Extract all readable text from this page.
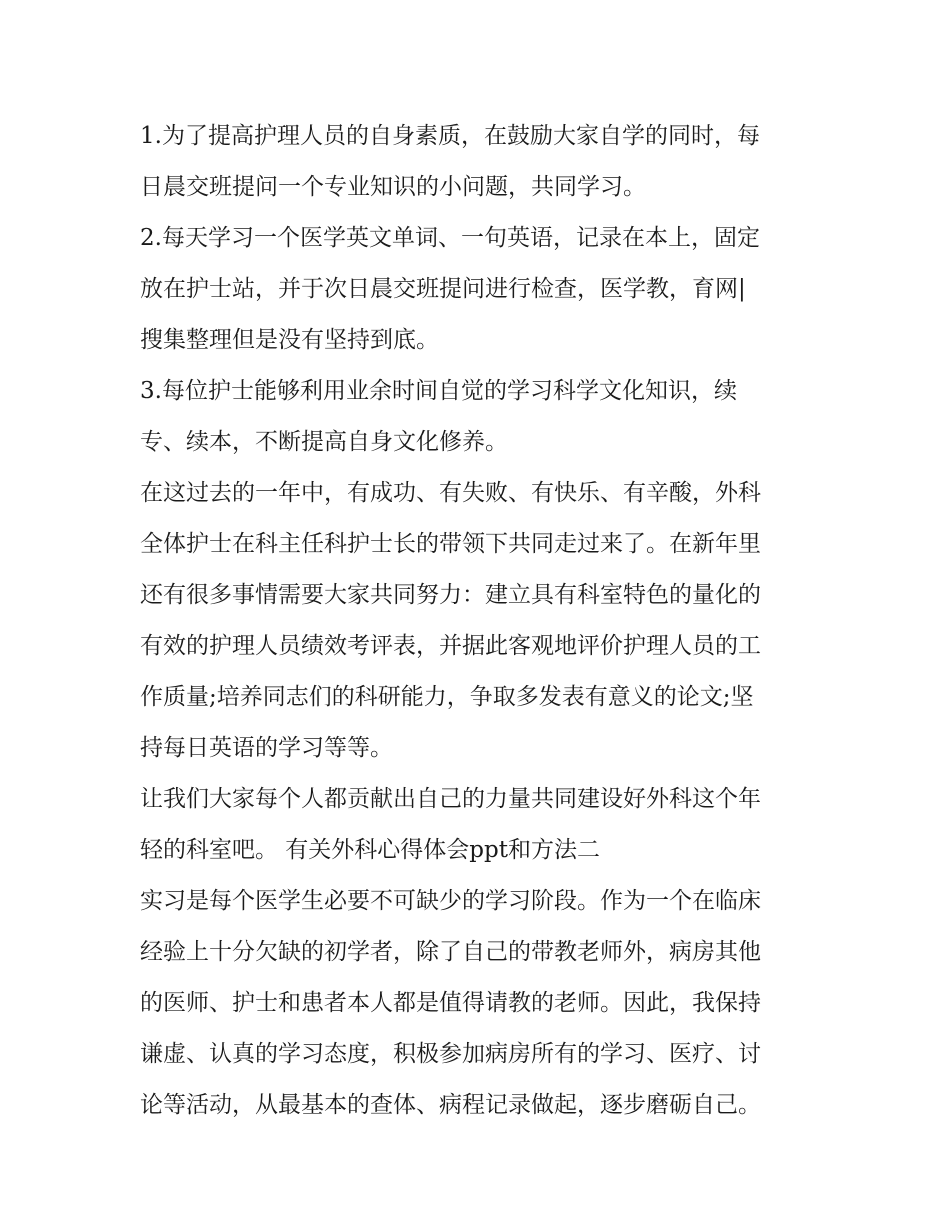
1.为了提高护理人员的自身素质，在鼓励大家自学的同时，每
日晨交班提问一个专业知识的小问题，共同学习。
2.每天学习一个医学英文单词、一句英语，记录在本上，固定
放在护士站，并于次日晨交班提问进行检查，医学教，育网|
搜集整理但是没有坚持到底。
3.每位护士能够利用业余时间自觉的学习科学文化知识，续
专、续本，不断提高自身文化修养。
在这过去的一年中，有成功、有失败、有快乐、有辛酸，外科
全体护士在科主任科护士长的带领下共同走过来了。在新年里
还有很多事情需要大家共同努力：建立具有科室特色的量化的
有效的护理人员绩效考评表，并据此客观地评价护理人员的工
作质量;培养同志们的科研能力，争取多发表有意义的论文;坚
持每日英语的学习等等。
让我们大家每个人都贡献出自己的力量共同建设好外科这个年
轻的科室吧。 有关外科心得体会ppt和方法二
实习是每个医学生必要不可缺少的学习阶段。作为一个在临床
经验上十分欠缺的初学者，除了自己的带教老师外，病房其他
的医师、护士和患者本人都是值得请教的老师。因此，我保持
谦虚、认真的学习态度，积极参加病房所有的学习、医疗、讨
论等活动，从最基本的查体、病程记录做起，逐步磨砺自己。
